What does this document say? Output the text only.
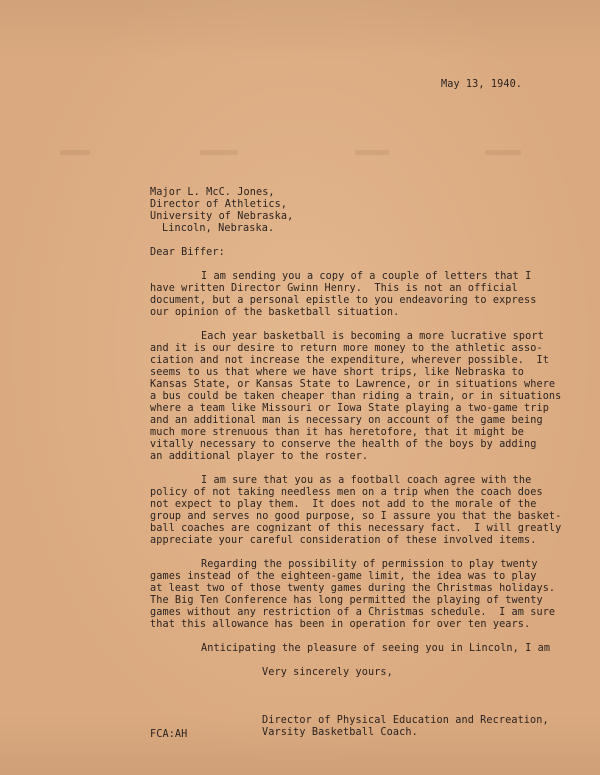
May 13, 1940.
Major L. McC. Jones,
Director of Athletics,
University of Nebraska,
Lincoln, Nebraska.
Dear Biffer:
I am sending you a copy of a couple of letters that I
have written Director Gwinn Henry.  This is not an official
document, but a personal epistle to you endeavoring to express
our opinion of the basketball situation.
Each year basketball is becoming a more lucrative sport
and it is our desire to return more money to the athletic asso-
ciation and not increase the expenditure, wherever possible.  It
seems to us that where we have short trips, like Nebraska to
Kansas State, or Kansas State to Lawrence, or in situations where
a bus could be taken cheaper than riding a train, or in situations
where a team like Missouri or Iowa State playing a two-game trip
and an additional man is necessary on account of the game being
much more strenuous than it has heretofore, that it might be
vitally necessary to conserve the health of the boys by adding
an additional player to the roster.
I am sure that you as a football coach agree with the
policy of not taking needless men on a trip when the coach does
not expect to play them.  It does not add to the morale of the
group and serves no good purpose, so I assure you that the basket-
ball coaches are cognizant of this necessary fact.  I will greatly
appreciate your careful consideration of these involved items.
Regarding the possibility of permission to play twenty
games instead of the eighteen-game limit, the idea was to play
at least two of those twenty games during the Christmas holidays.
The Big Ten Conference has long permitted the playing of twenty
games without any restriction of a Christmas schedule.  I am sure
that this allowance has been in operation for over ten years.
Anticipating the pleasure of seeing you in Lincoln, I am
Very sincerely yours,
Director of Physical Education and Recreation,
Varsity Basketball Coach.
FCA:AH
